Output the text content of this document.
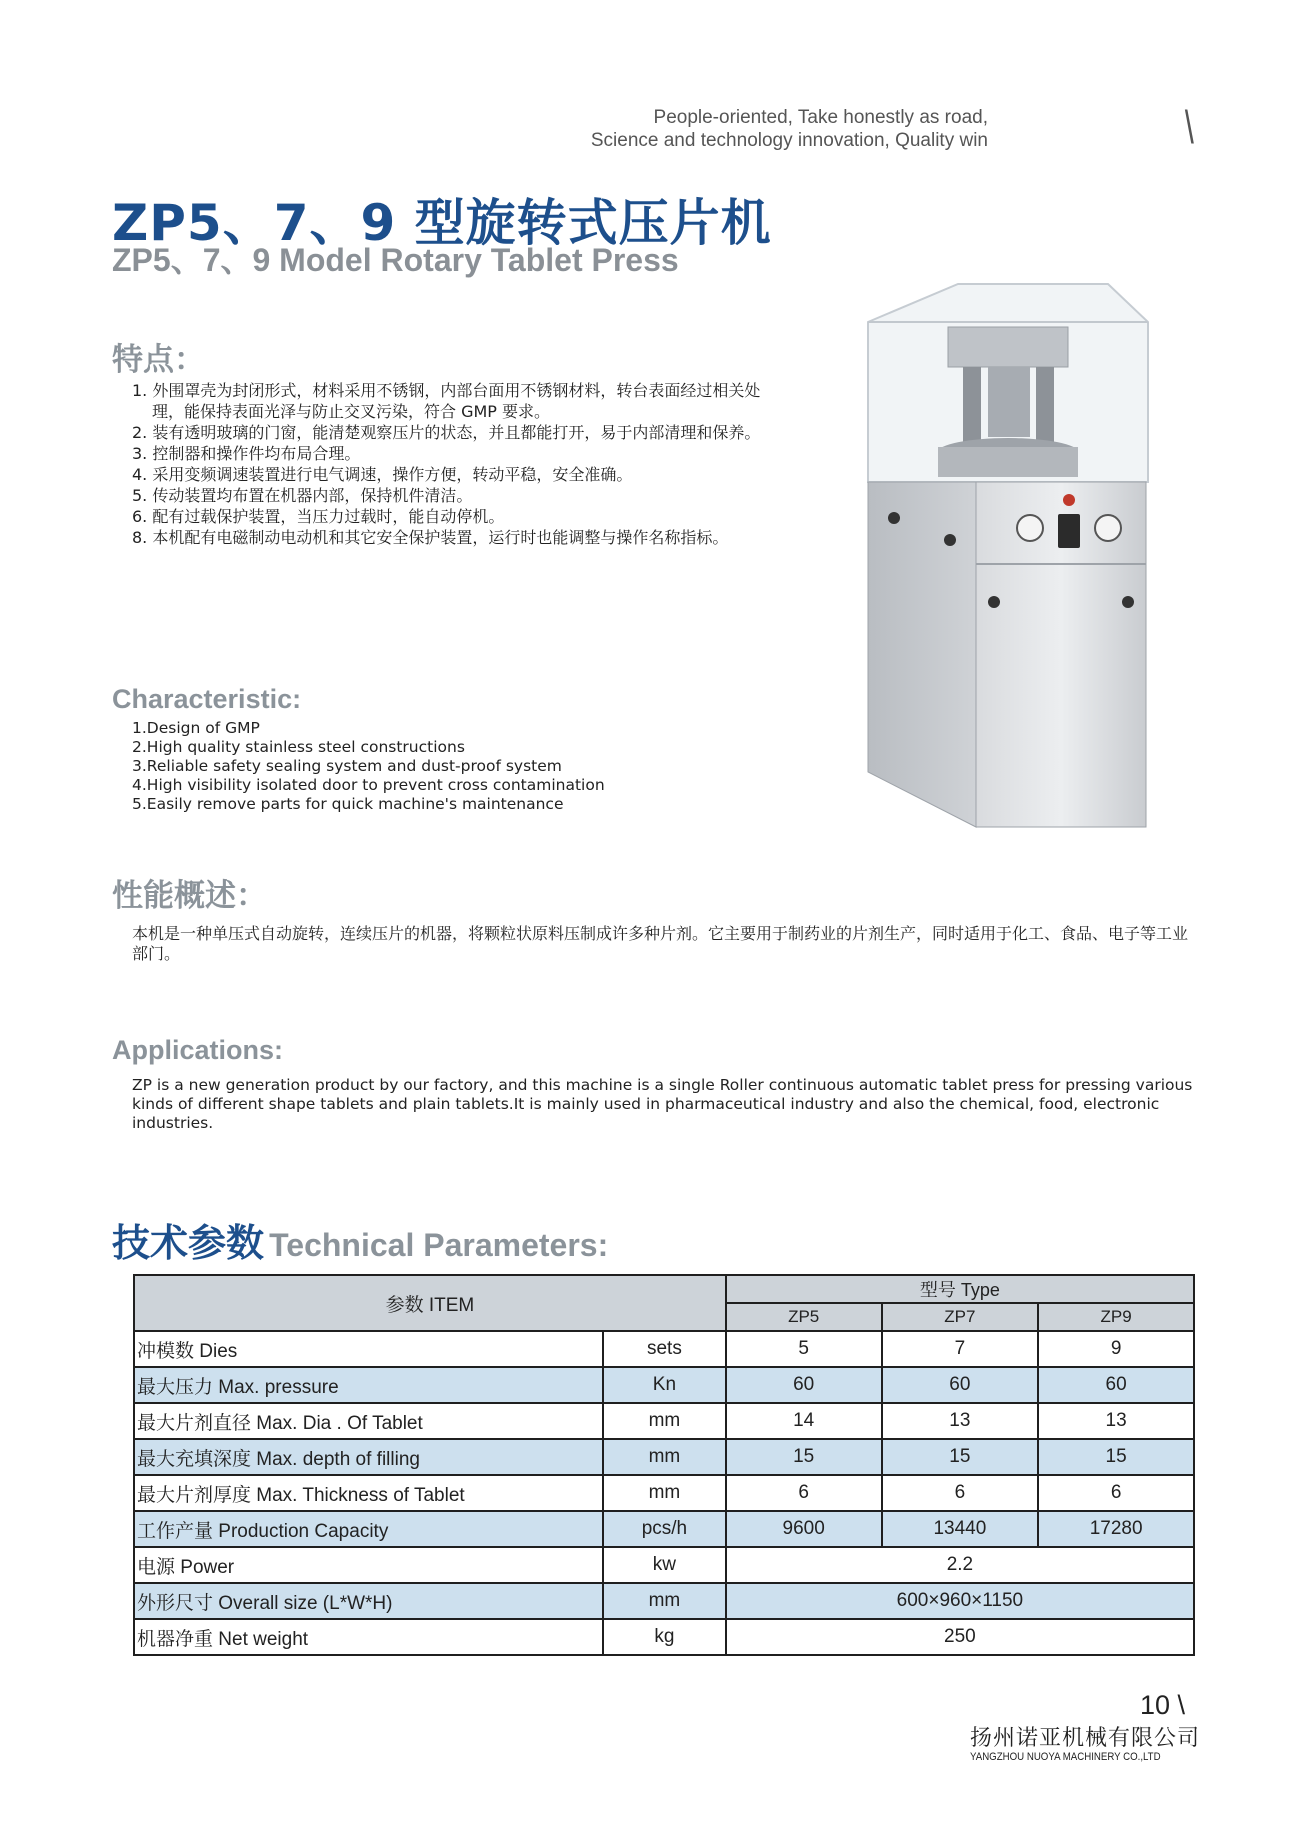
People-oriented, Take honestly as road,
Science and technology innovation, Quality win	\
ZP5、7、9 型旋转式压片机
ZP5、7、9 Model Rotary Tablet Press
特点：
1. 外围罩壳为封闭形式，材料采用不锈钢，内部台面用不锈钢材料，转台表面经过相关处理，能保持表面光泽与防止交叉污染，符合 GMP 要求。
2. 装有透明玻璃的门窗，能清楚观察压片的状态，并且都能打开，易于内部清理和保养。
3. 控制器和操作件均布局合理。
4. 采用变频调速装置进行电气调速，操作方便，转动平稳，安全准确。
5. 传动装置均布置在机器内部，保持机件清洁。
6. 配有过载保护装置，当压力过载时，能自动停机。
8. 本机配有电磁制动电动机和其它安全保护装置，运行时也能调整与操作名称指标。
Characteristic:
1.Design of GMP
2.High quality stainless steel constructions
3.Reliable safety sealing system and dust-proof system
4.High visibility isolated door to prevent cross contamination
5.Easily remove parts for quick machine's maintenance
性能概述：
本机是一种单压式自动旋转，连续压片的机器，将颗粒状原料压制成许多种片剂。它主要用于制药业的片剂生产，同时适用于化工、食品、电子等工业部门。
Applications:
ZP is a new generation product by our factory, and this machine is a single Roller continuous automatic tablet press for pressing various kinds of different shape tablets and plain tablets.It is mainly used in pharmaceutical industry and also the chemical, food, electronic industries.
技术参数 Technical Parameters:
参数 ITEM		型号 Type		
		ZP5	ZP7	ZP9
冲模数 Dies	sets	5	7	9
最大压力 Max. pressure	Kn	60	60	60
最大片剂直径 Max. Dia . Of Tablet	mm	14	13	13
最大充填深度 Max. depth of filling	mm	15	15	15
最大片剂厚度 Max. Thickness of Tablet	mm	6	6	6
工作产量 Production Capacity	pcs/h	9600	13440	17280
电源 Power	kw	2.2		
外形尺寸 Overall size (L*W*H)	mm	600×960×1150		
机器净重 Net weight	kg	250		
10 \
扬州诺亚机械有限公司
YANGZHOU NUOYA MACHINERY CO.,LTD
